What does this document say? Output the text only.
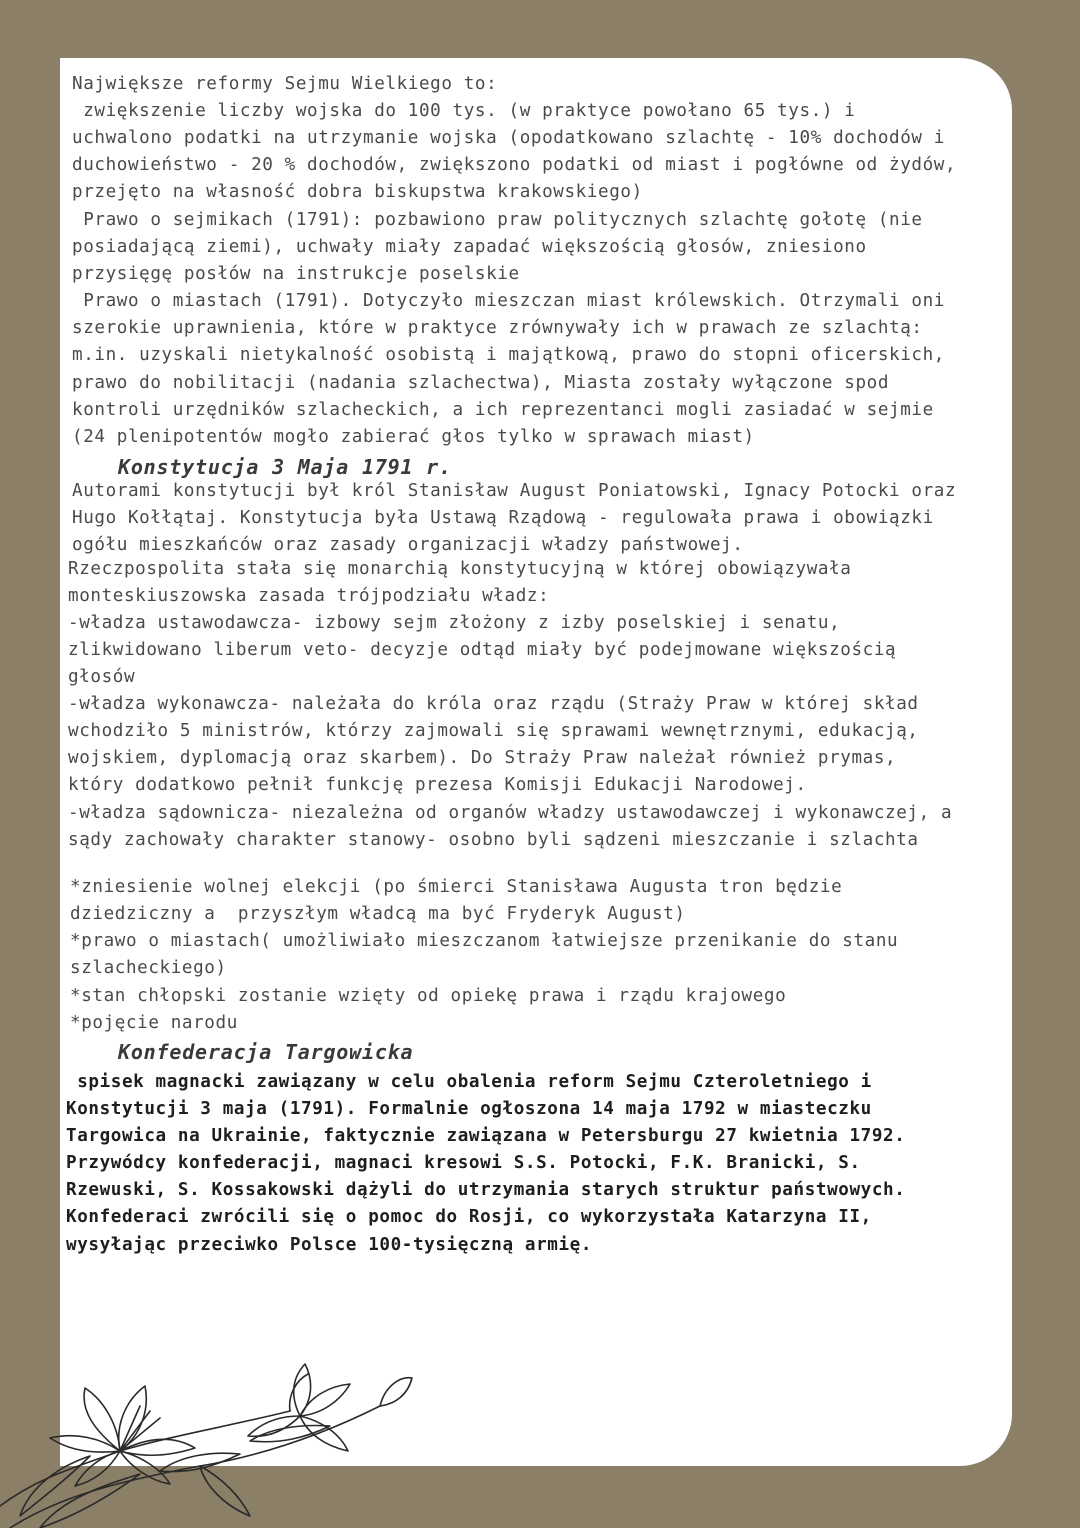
Największe reformy Sejmu Wielkiego to:
zwiększenie liczby wojska do 100 tys. (w praktyce powołano 65 tys.) i
uchwalono podatki na utrzymanie wojska (opodatkowano szlachtę - 10% dochodów i
duchowieństwo - 20 % dochodów, zwiększono podatki od miast i pogłówne od żydów,
przejęto na własność dobra biskupstwa krakowskiego)
Prawo o sejmikach (1791): pozbawiono praw politycznych szlachtę gołotę (nie
posiadającą ziemi), uchwały miały zapadać większością głosów, zniesiono
przysięgę posłów na instrukcje poselskie
Prawo o miastach (1791). Dotyczyło mieszczan miast królewskich. Otrzymali oni
szerokie uprawnienia, które w praktyce zrównywały ich w prawach ze szlachtą:
m.in. uzyskali nietykalność osobistą i majątkową, prawo do stopni oficerskich,
prawo do nobilitacji (nadania szlachectwa), Miasta zostały wyłączone spod
kontroli urzędników szlacheckich, a ich reprezentanci mogli zasiadać w sejmie
(24 plenipotentów mogło zabierać głos tylko w sprawach miast)
Konstytucja 3 Maja 1791 r.
Autorami konstytucji był król Stanisław August Poniatowski, Ignacy Potocki oraz
Hugo Kołłątaj. Konstytucja była Ustawą Rządową - regulowała prawa i obowiązki
ogółu mieszkańców oraz zasady organizacji władzy państwowej.
Rzeczpospolita stała się monarchią konstytucyjną w której obowiązywała
monteskiuszowska zasada trójpodziału władz:
-władza ustawodawcza- izbowy sejm złożony z izby poselskiej i senatu,
zlikwidowano liberum veto- decyzje odtąd miały być podejmowane większością
głosów
-władza wykonawcza- należała do króla oraz rządu (Straży Praw w której skład
wchodziło 5 ministrów, którzy zajmowali się sprawami wewnętrznymi, edukacją,
wojskiem, dyplomacją oraz skarbem). Do Straży Praw należał również prymas,
który dodatkowo pełnił funkcję prezesa Komisji Edukacji Narodowej.
-władza sądownicza- niezależna od organów władzy ustawodawczej i wykonawczej, a
sądy zachowały charakter stanowy- osobno byli sądzeni mieszczanie i szlachta
*zniesienie wolnej elekcji (po śmierci Stanisława Augusta tron będzie
dziedziczny a  przyszłym władcą ma być Fryderyk August)
*prawo o miastach( umożliwiało mieszczanom łatwiejsze przenikanie do stanu
szlacheckiego)
*stan chłopski zostanie wzięty od opiekę prawa i rządu krajowego
*pojęcie narodu
Konfederacja Targowicka
spisek magnacki zawiązany w celu obalenia reform Sejmu Czteroletniego i
Konstytucji 3 maja (1791). Formalnie ogłoszona 14 maja 1792 w miasteczku
Targowica na Ukrainie, faktycznie zawiązana w Petersburgu 27 kwietnia 1792.
Przywódcy konfederacji, magnaci kresowi S.S. Potocki, F.K. Branicki, S.
Rzewuski, S. Kossakowski dążyli do utrzymania starych struktur państwowych.
Konfederaci zwrócili się o pomoc do Rosji, co wykorzystała Katarzyna II,
wysyłając przeciwko Polsce 100-tysięczną armię.
